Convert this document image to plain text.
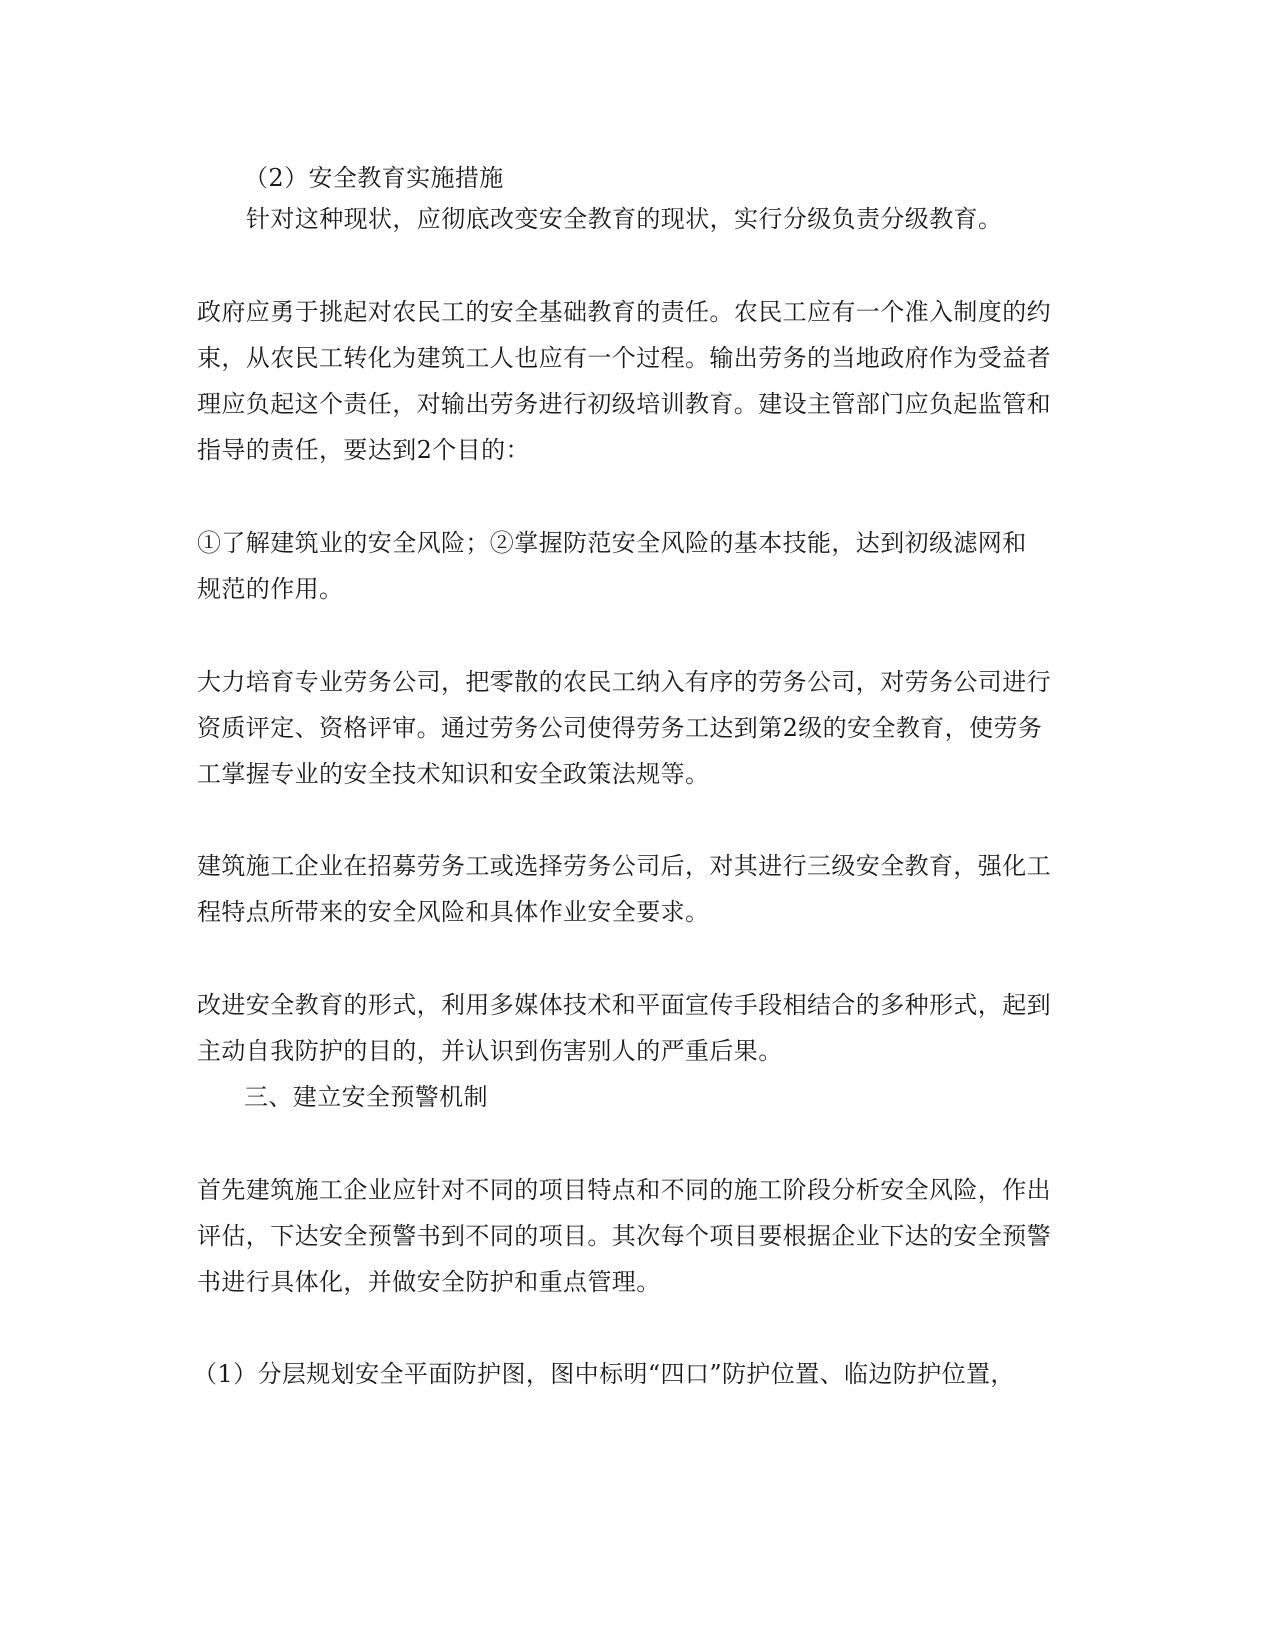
（2）安全教育实施措施
针对这种现状，应彻底改变安全教育的现状，实行分级负责分级教育。
政府应勇于挑起对农民工的安全基础教育的责任。农民工应有一个准入制度的约
束，从农民工转化为建筑工人也应有一个过程。输出劳务的当地政府作为受益者
理应负起这个责任，对输出劳务进行初级培训教育。建设主管部门应负起监管和
指导的责任，要达到2个目的：
①了解建筑业的安全风险；②掌握防范安全风险的基本技能，达到初级滤网和
规范的作用。
大力培育专业劳务公司，把零散的农民工纳入有序的劳务公司，对劳务公司进行
资质评定、资格评审。通过劳务公司使得劳务工达到第2级的安全教育，使劳务
工掌握专业的安全技术知识和安全政策法规等。
建筑施工企业在招募劳务工或选择劳务公司后，对其进行三级安全教育，强化工
程特点所带来的安全风险和具体作业安全要求。
改进安全教育的形式，利用多媒体技术和平面宣传手段相结合的多种形式，起到
主动自我防护的目的，并认识到伤害别人的严重后果。
三、建立安全预警机制
首先建筑施工企业应针对不同的项目特点和不同的施工阶段分析安全风险，作出
评估，下达安全预警书到不同的项目。其次每个项目要根据企业下达的安全预警
书进行具体化，并做安全防护和重点管理。
（1）分层规划安全平面防护图，图中标明“四口”防护位置、临边防护位置，
